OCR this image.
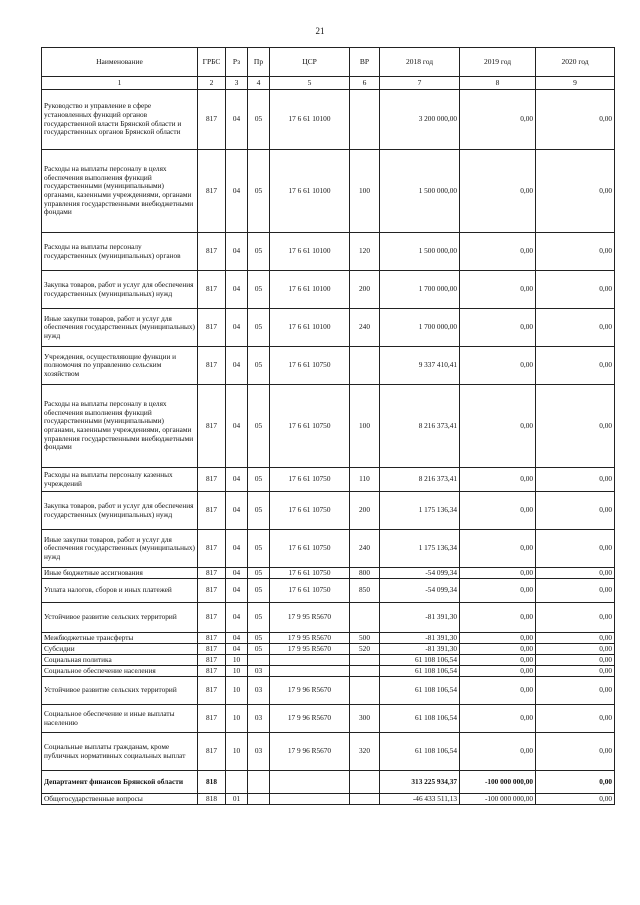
21
Наименование	ГРБС	Рз	Пр	ЦСР	ВР	2018 год	2019 год	2020 год
1	2	3	4	5	6	7	8	9
Руководство и управление в сфере установленных функций органов государственной власти Брянской области и государственных органов Брянской области	817	04	05	17 6 61 10100		3 200 000,00	0,00	0,00
Расходы на выплаты персоналу в целях обеспечения выполнения функций государственными (муниципальными) органами, казенными учреждениями, органами управления государственными внебюджетными фондами	817	04	05	17 6 61 10100	100	1 500 000,00	0,00	0,00
Расходы на выплаты персоналу государственных (муниципальных) органов	817	04	05	17 6 61 10100	120	1 500 000,00	0,00	0,00
Закупка товаров, работ и услуг для обеспечения государственных (муниципальных) нужд	817	04	05	17 6 61 10100	200	1 700 000,00	0,00	0,00
Иные закупки товаров, работ и услуг для обеспечения государственных (муниципальных) нужд	817	04	05	17 6 61 10100	240	1 700 000,00	0,00	0,00
Учреждения, осуществляющие функции и полномочия по управлению сельским хозяйством	817	04	05	17 6 61 10750		9 337 410,41	0,00	0,00
Расходы на выплаты персоналу в целях обеспечения выполнения функций государственными (муниципальными) органами, казенными учреждениями, органами управления государственными внебюджетными фондами	817	04	05	17 6 61 10750	100	8 216 373,41	0,00	0,00
Расходы на выплаты персоналу казенных учреждений	817	04	05	17 6 61 10750	110	8 216 373,41	0,00	0,00
Закупка товаров, работ и услуг для обеспечения государственных (муниципальных) нужд	817	04	05	17 6 61 10750	200	1 175 136,34	0,00	0,00
Иные закупки товаров, работ и услуг для обеспечения государственных (муниципальных) нужд	817	04	05	17 6 61 10750	240	1 175 136,34	0,00	0,00
Иные бюджетные ассигнования	817	04	05	17 6 61 10750	800	-54 099,34	0,00	0,00
Уплата налогов, сборов и иных платежей	817	04	05	17 6 61 10750	850	-54 099,34	0,00	0,00
Устойчивое развитие сельских территорий	817	04	05	17 9 95 R5670		-81 391,30	0,00	0,00
Межбюджетные трансферты	817	04	05	17 9 95 R5670	500	-81 391,30	0,00	0,00
Субсидии	817	04	05	17 9 95 R5670	520	-81 391,30	0,00	0,00
Социальная политика	817	10				61 108 106,54	0,00	0,00
Социальное обеспечение населения	817	10	03			61 108 106,54	0,00	0,00
Устойчивое развитие сельских территорий	817	10	03	17 9 96 R5670		61 108 106,54	0,00	0,00
Социальное обеспечение и иные выплаты населению	817	10	03	17 9 96 R5670	300	61 108 106,54	0,00	0,00
Социальные выплаты гражданам, кроме публичных нормативных социальных выплат	817	10	03	17 9 96 R5670	320	61 108 106,54	0,00	0,00
Департамент финансов Брянской области	818					313 225 934,37	-100 000 000,00	0,00
Общегосударственные вопросы	818	01				-46 433 511,13	-100 000 000,00	0,00
